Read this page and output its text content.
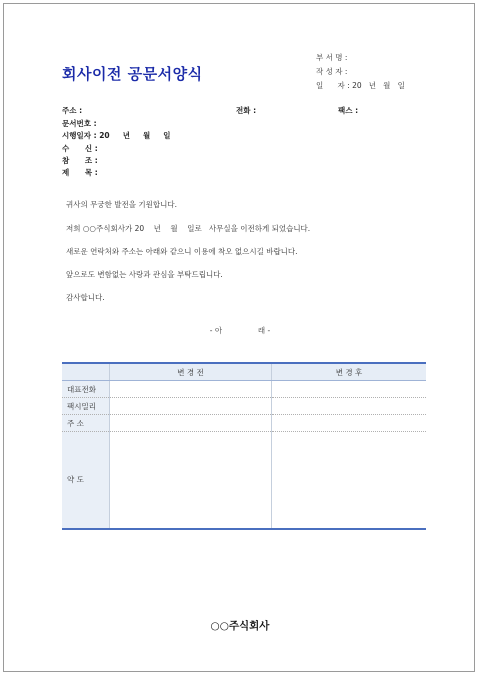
회사이전 공문서양식
부 서 명 :
작 성 자 :
일      자 : 20   년   월   일
주소 :	전화 :	팩스 :
문서번호 :
시행일자 : 20     년     월     일
수      신 :
참      조 :
제      목 :
귀사의 무궁한 발전을 기원합니다.
저희 ○○주식회사가 20    년    월    일로   사무실을 이전하게 되었습니다.
새로운 연락처와 주소는 아래와 같으니 이용에 착오 없으시길 바랍니다.
앞으로도 변함없는 사랑과 관심을 부탁드립니다.
감사합니다.
- 아               래 -
	변 경 전	변 경 후
대표전화		
팩시밀리		
주 소		
약 도		
○○주식회사
